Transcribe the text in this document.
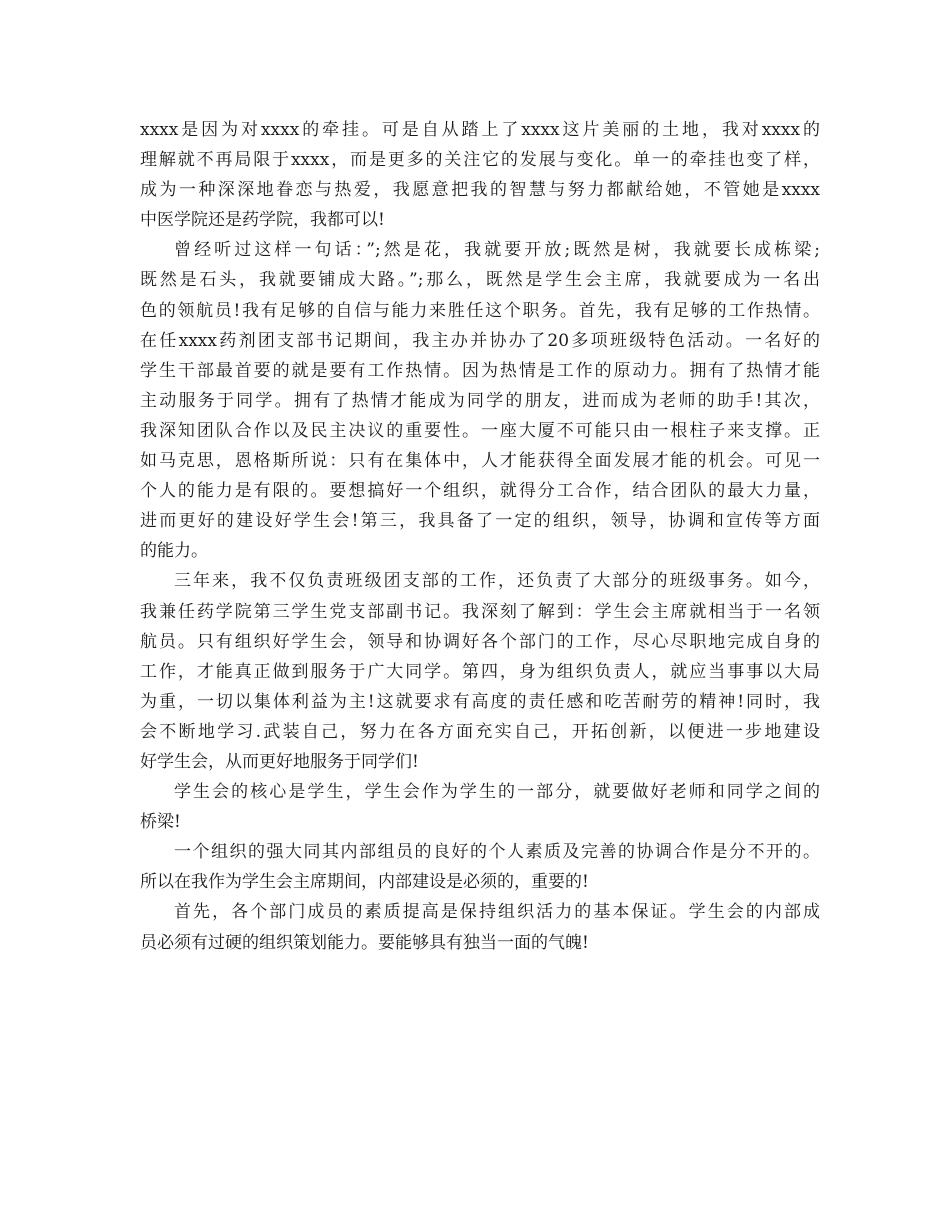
xxxx是因为对xxxx的牵挂。可是自从踏上了xxxx这片美丽的土地，我对xxxx的
理解就不再局限于xxxx，而是更多的关注它的发展与变化。单一的牵挂也变了样，
成为一种深深地眷恋与热爱，我愿意把我的智慧与努力都献给她，不管她是xxxx
中医学院还是药学院，我都可以!
曾经听过这样一句话：”;然是花，我就要开放;既然是树，我就要长成栋梁;
既然是石头，我就要铺成大路。”;那么，既然是学生会主席，我就要成为一名出
色的领航员!我有足够的自信与能力来胜任这个职务。首先，我有足够的工作热情。
在任xxxx药剂团支部书记期间，我主办并协办了20多项班级特色活动。一名好的
学生干部最首要的就是要有工作热情。因为热情是工作的原动力。拥有了热情才能
主动服务于同学。拥有了热情才能成为同学的朋友，进而成为老师的助手!其次，
我深知团队合作以及民主决议的重要性。一座大厦不可能只由一根柱子来支撑。正
如马克思，恩格斯所说：只有在集体中，人才能获得全面发展才能的机会。可见一
个人的能力是有限的。要想搞好一个组织，就得分工合作，结合团队的最大力量，
进而更好的建设好学生会!第三，我具备了一定的组织，领导，协调和宣传等方面
的能力。
三年来，我不仅负责班级团支部的工作，还负责了大部分的班级事务。如今，
我兼任药学院第三学生党支部副书记。我深刻了解到：学生会主席就相当于一名领
航员。只有组织好学生会，领导和协调好各个部门的工作，尽心尽职地完成自身的
工作，才能真正做到服务于广大同学。第四，身为组织负责人，就应当事事以大局
为重，一切以集体利益为主!这就要求有高度的责任感和吃苦耐劳的精神!同时，我
会不断地学习.武装自己，努力在各方面充实自己，开拓创新，以便进一步地建设
好学生会，从而更好地服务于同学们!
学生会的核心是学生，学生会作为学生的一部分，就要做好老师和同学之间的
桥梁!
一个组织的强大同其内部组员的良好的个人素质及完善的协调合作是分不开的。
所以在我作为学生会主席期间，内部建设是必须的，重要的!
首先，各个部门成员的素质提高是保持组织活力的基本保证。学生会的内部成
员必须有过硬的组织策划能力。要能够具有独当一面的气魄!
